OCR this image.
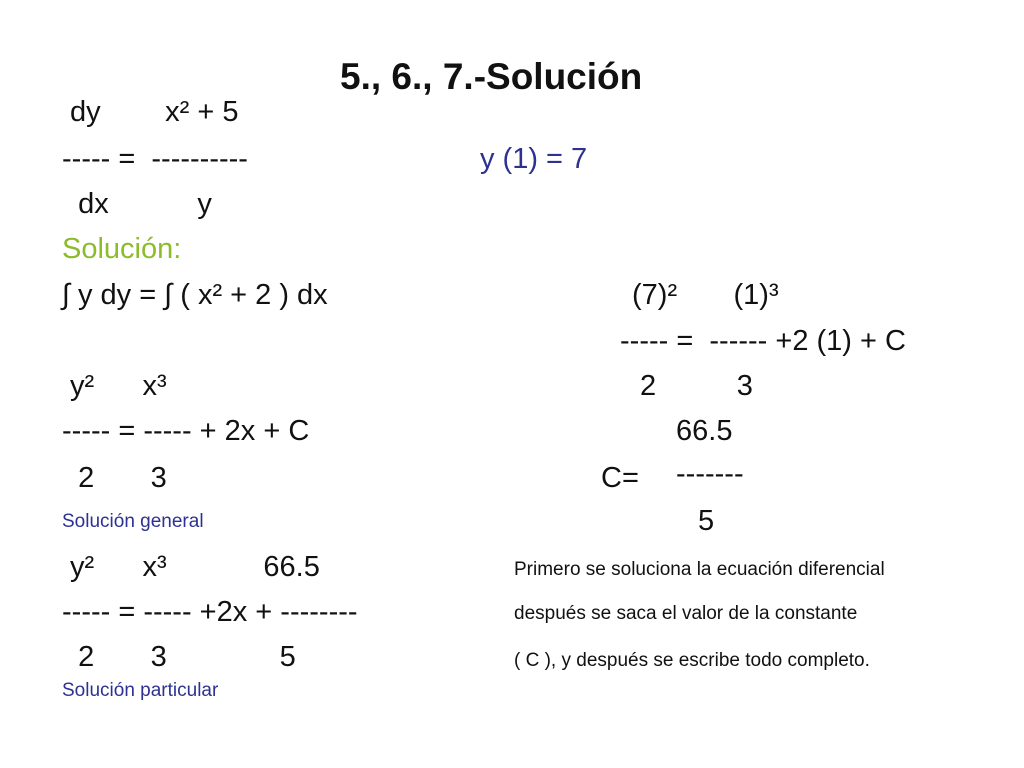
5., 6., 7.-Solución
dy        x² + 5
----- =  ----------	y (1) = 7
dx           y
Solución:
∫ y dy = ∫ ( x² + 2 ) dx
y²      x³
----- = ----- + 2x + C
2       3
Solución general
y²      x³            66.5
----- = ----- +2x + --------
2       3              5
Solución particular
(7)²       (1)³
----- =  ------ +2 (1) + C
2          3
66.5
C= -------
5
Primero se soluciona la ecuación diferencial
después se saca el valor de la constante
( C ), y después se escribe todo completo.
